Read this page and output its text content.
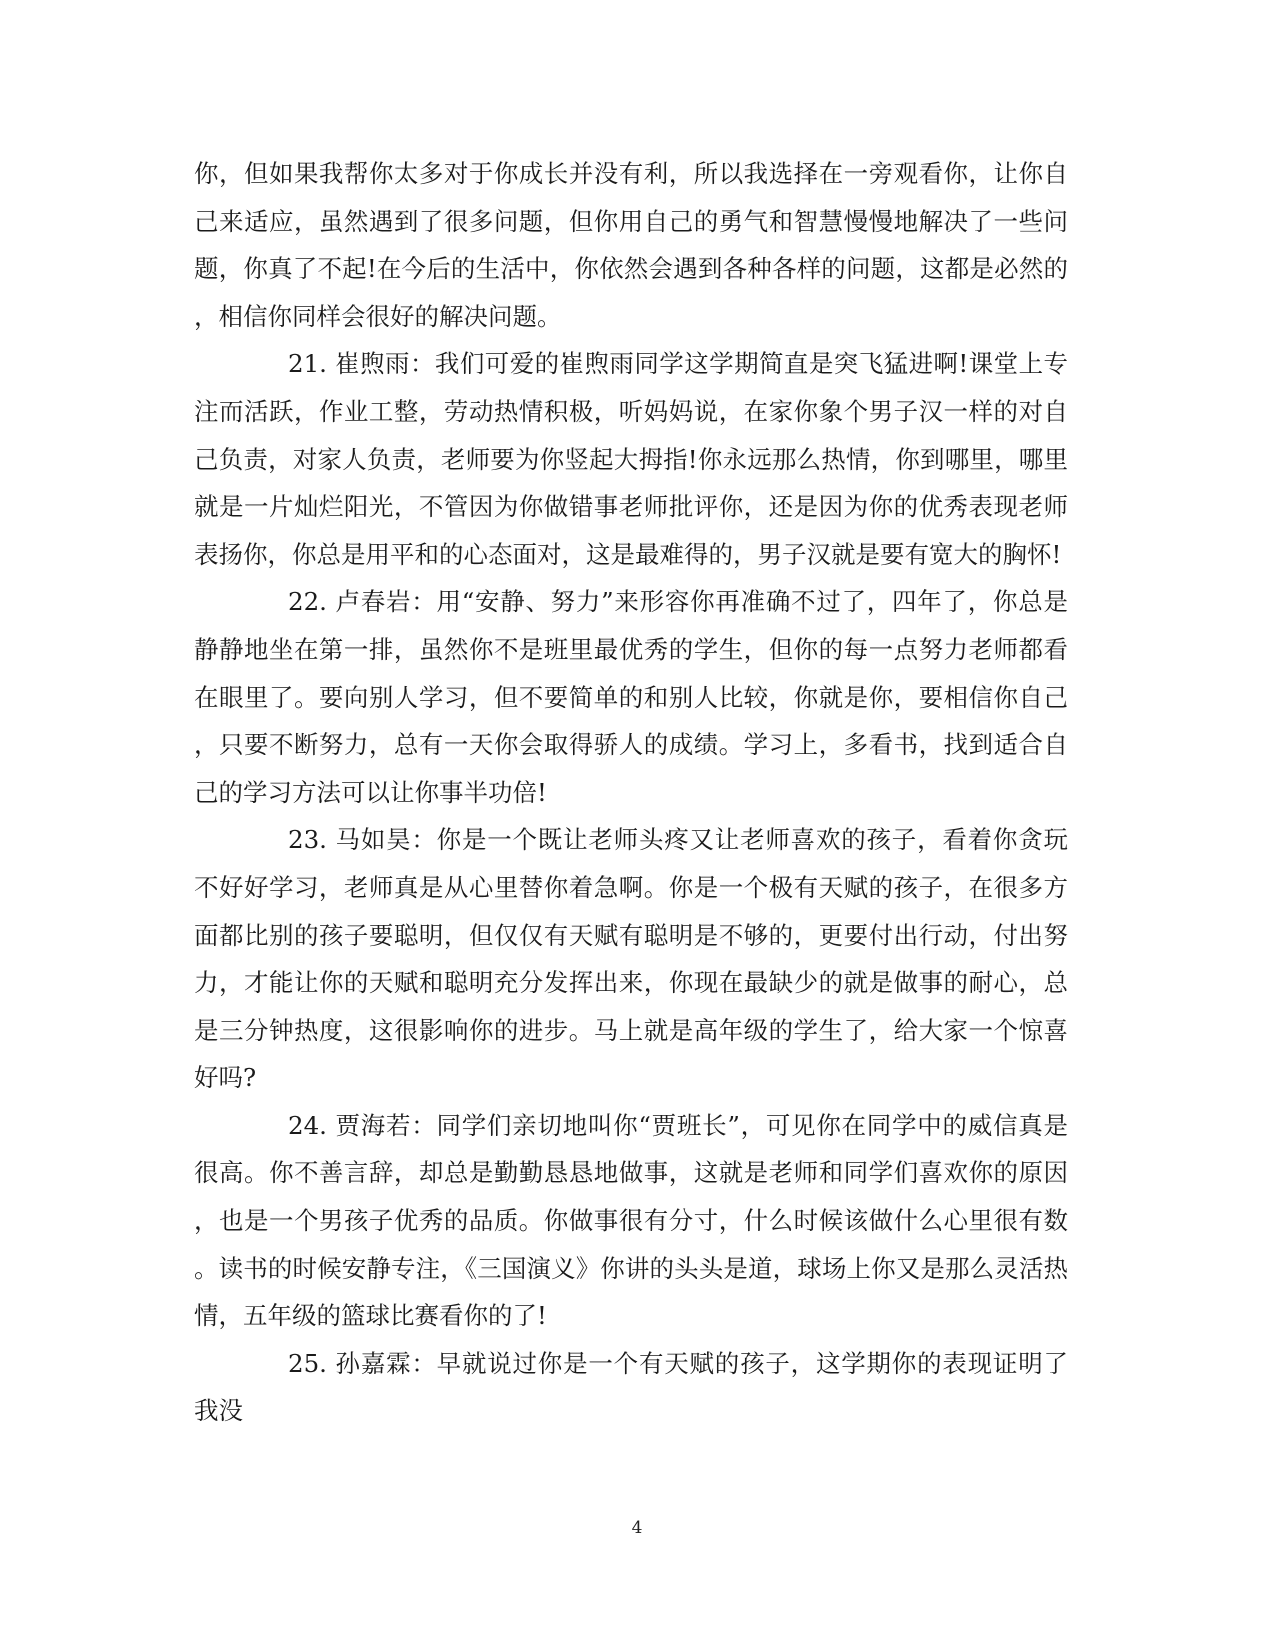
你，但如果我帮你太多对于你成长并没有利，所以我选择在一旁观看你，让你自己来适应，虽然遇到了很多问题，但你用自己的勇气和智慧慢慢地解决了一些问题，你真了不起!在今后的生活中，你依然会遇到各种各样的问题，这都是必然的，相信你同样会很好的解决问题。

21. 崔煦雨：我们可爱的崔煦雨同学这学期简直是突飞猛进啊!课堂上专注而活跃，作业工整，劳动热情积极，听妈妈说，在家你象个男子汉一样的对自己负责，对家人负责，老师要为你竖起大拇指!你永远那么热情，你到哪里，哪里就是一片灿烂阳光，不管因为你做错事老师批评你，还是因为你的优秀表现老师表扬你，你总是用平和的心态面对，这是最难得的，男子汉就是要有宽大的胸怀!

22. 卢春岩：用“安静、努力”来形容你再准确不过了，四年了，你总是静静地坐在第一排，虽然你不是班里最优秀的学生，但你的每一点努力老师都看在眼里了。要向别人学习，但不要简单的和别人比较，你就是你，要相信你自己，只要不断努力，总有一天你会取得骄人的成绩。学习上，多看书，找到适合自己的学习方法可以让你事半功倍!

23. 马如昊：你是一个既让老师头疼又让老师喜欢的孩子，看着你贪玩不好好学习，老师真是从心里替你着急啊。你是一个极有天赋的孩子，在很多方面都比别的孩子要聪明，但仅仅有天赋有聪明是不够的，更要付出行动，付出努力，才能让你的天赋和聪明充分发挥出来，你现在最缺少的就是做事的耐心，总是三分钟热度，这很影响你的进步。马上就是高年级的学生了，给大家一个惊喜好吗?

24. 贾海若：同学们亲切地叫你“贾班长”，可见你在同学中的威信真是很高。你不善言辞，却总是勤勤恳恳地做事，这就是老师和同学们喜欢你的原因，也是一个男孩子优秀的品质。你做事很有分寸，什么时候该做什么心里很有数。读书的时候安静专注，《三国演义》你讲的头头是道，球场上你又是那么灵活热情，五年级的篮球比赛看你的了!

25. 孙嘉霖：早就说过你是一个有天赋的孩子，这学期你的表现证明了我没

4
